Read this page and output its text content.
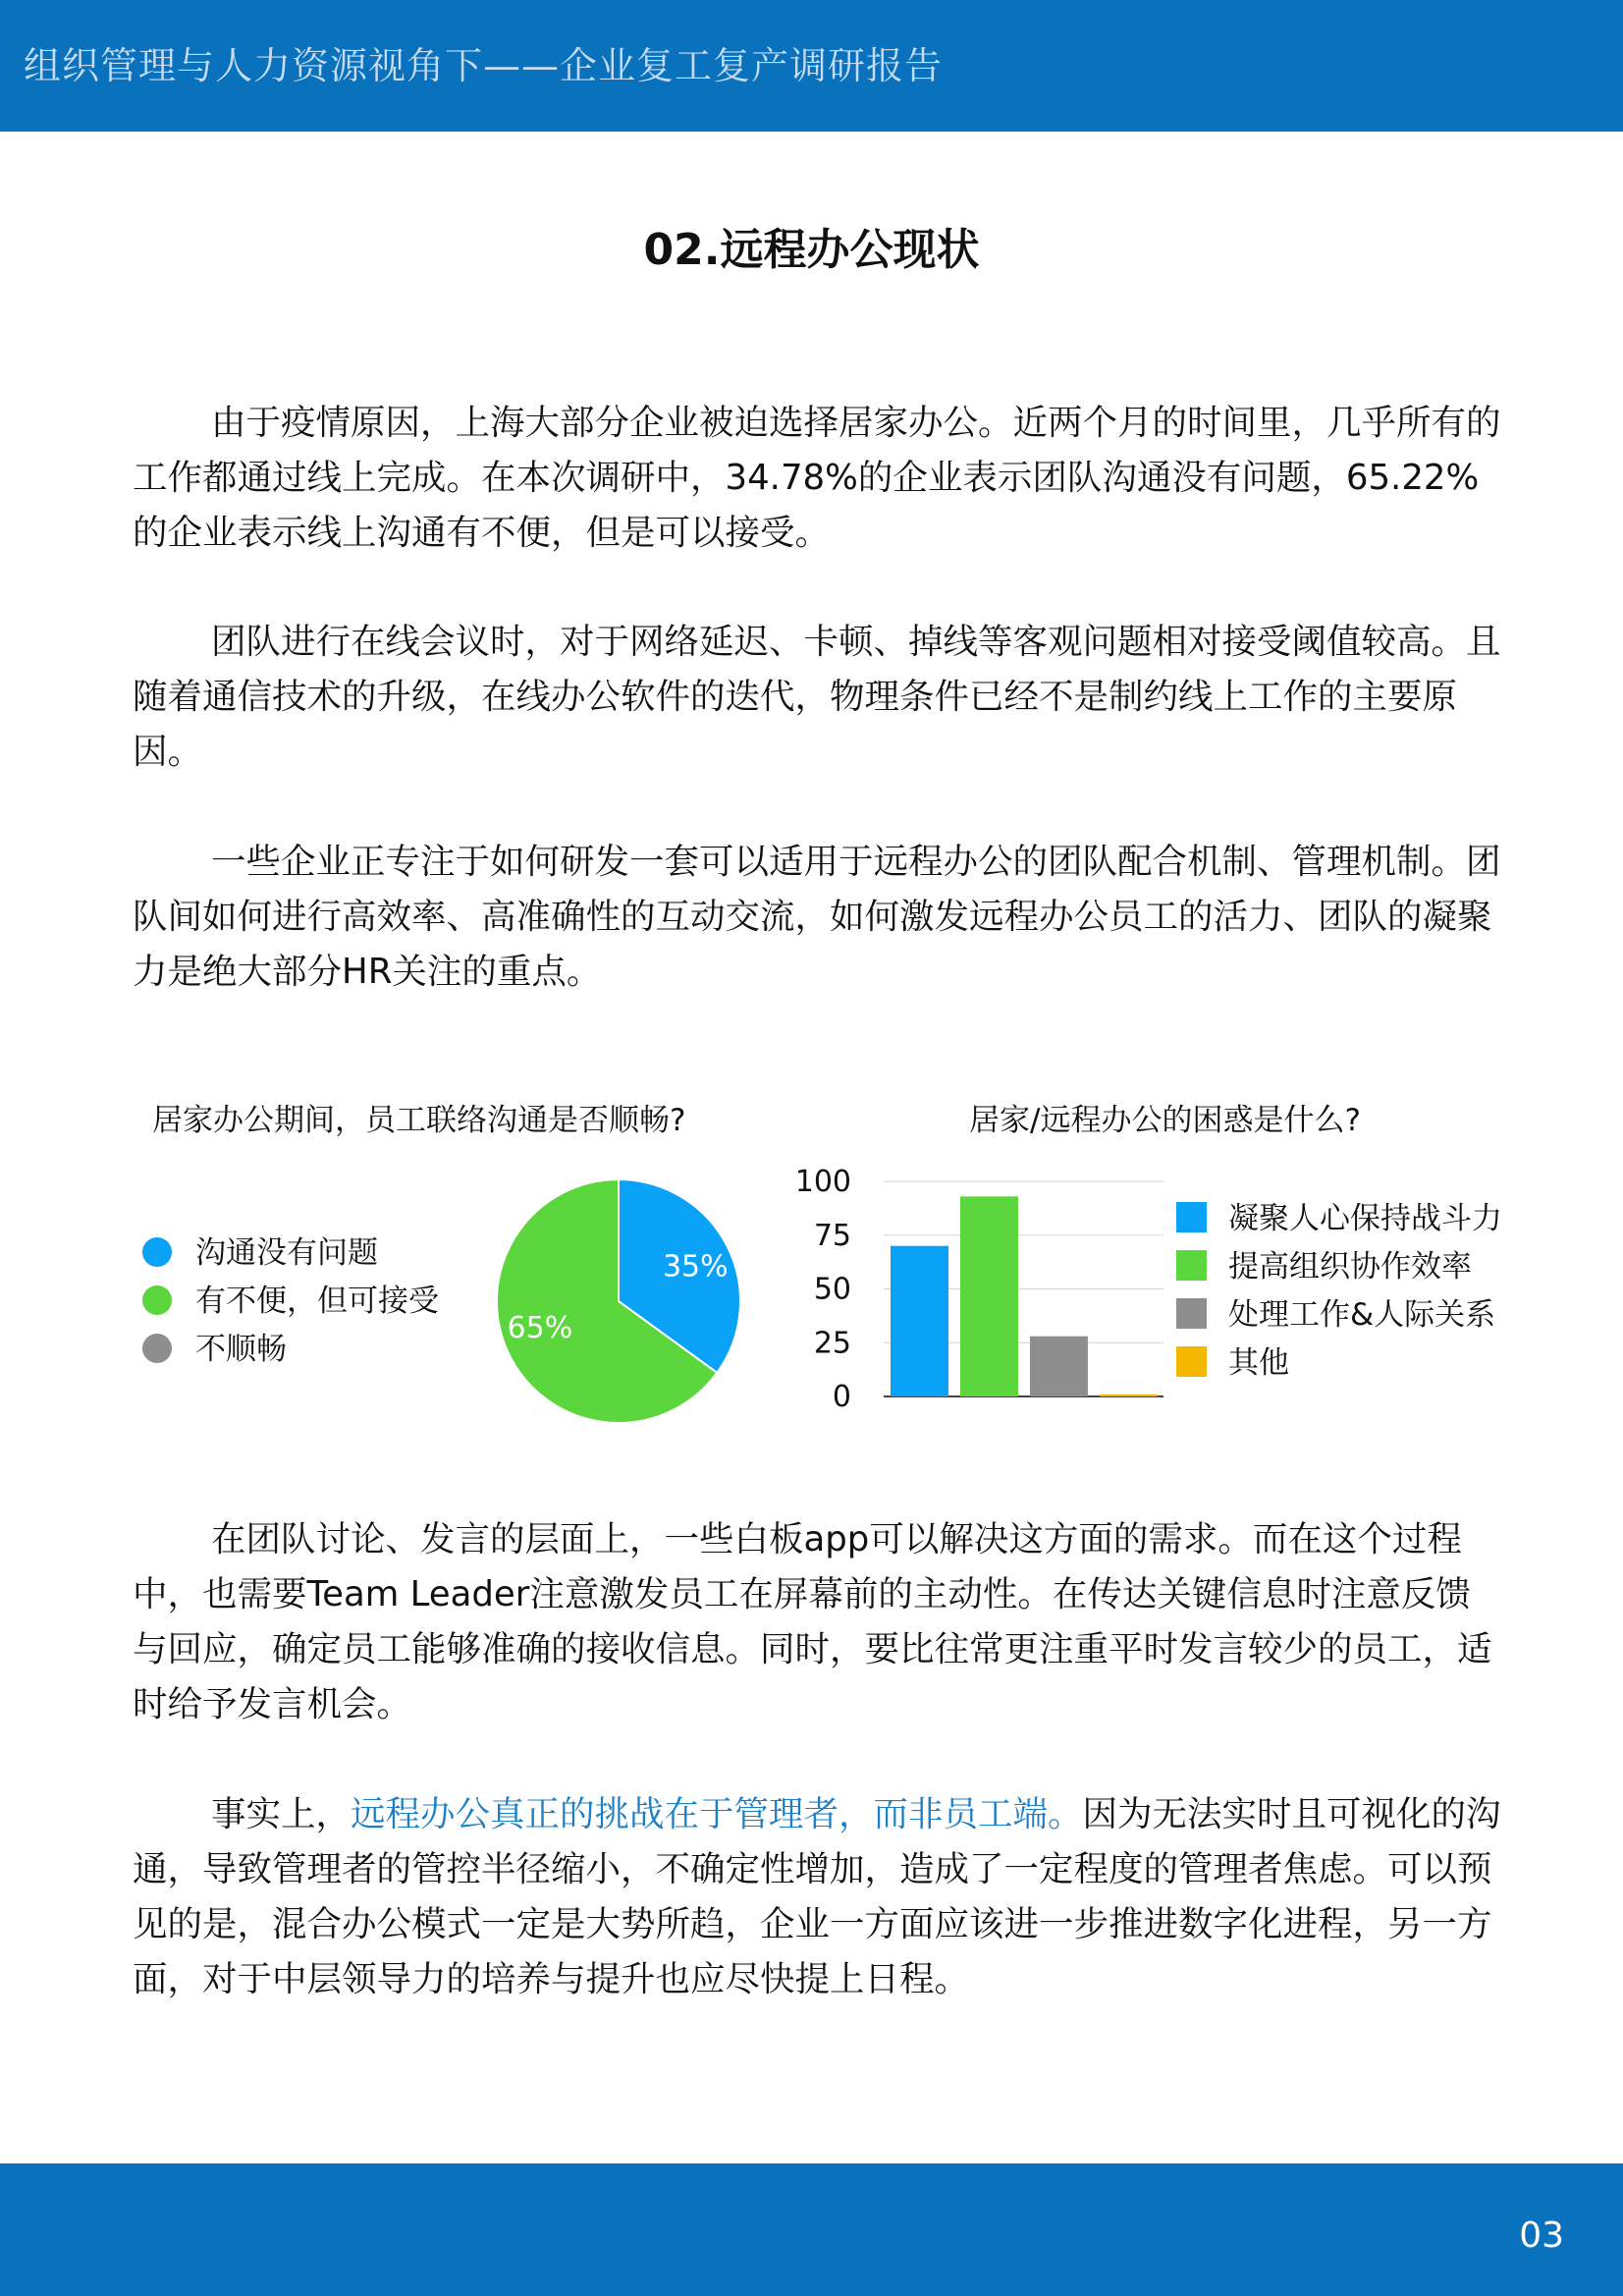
组织管理与人力资源视角下——企业复工复产调研报告
02.远程办公现状

由于疫情原因，上海大部分企业被迫选择居家办公。近两个月的时间里，几乎所有的工作都通过线上完成。在本次调研中，34.78%的企业表示团队沟通没有问题，65.22%的企业表示线上沟通有不便，但是可以接受。

团队进行在线会议时，对于网络延迟、卡顿、掉线等客观问题相对接受阈值较高。且随着通信技术的升级，在线办公软件的迭代，物理条件已经不是制约线上工作的主要原因。

一些企业正专注于如何研发一套可以适用于远程办公的团队配合机制、管理机制。团队间如何进行高效率、高准确性的互动交流，如何激发远程办公员工的活力、团队的凝聚力是绝大部分HR关注的重点。

居家办公期间，员工联络沟通是否顺畅?
沟通没有问题
有不便，但可接受
不顺畅
35%
65%
居家/远程办公的困惑是什么?
100
75
50
25
0
凝聚人心保持战斗力
提高组织协作效率
处理工作&人际关系
其他

在团队讨论、发言的层面上，一些白板app可以解决这方面的需求。而在这个过程中，也需要Team Leader注意激发员工在屏幕前的主动性。在传达关键信息时注意反馈与回应，确定员工能够准确的接收信息。同时，要比往常更注重平时发言较少的员工，适时给予发言机会。

事实上，远程办公真正的挑战在于管理者，而非员工端。因为无法实时且可视化的沟通，导致管理者的管控半径缩小，不确定性增加，造成了一定程度的管理者焦虑。可以预见的是，混合办公模式一定是大势所趋，企业一方面应该进一步推进数字化进程，另一方面，对于中层领导力的培养与提升也应尽快提上日程。

03
